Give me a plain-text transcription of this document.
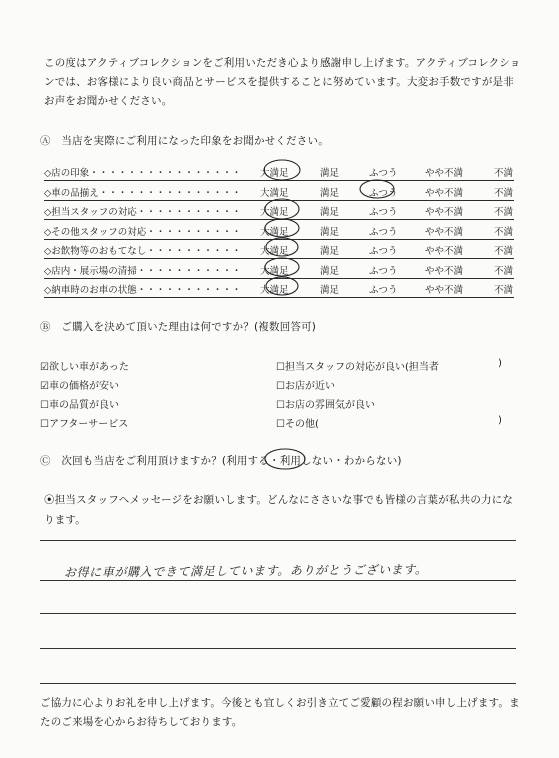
この度はアクティブコレクションをご利用いただき心より感謝申し上げます。アクティブコレクションでは、お客様により良い商品とサービスを提供することに努めています。大変お手数ですが是非お声をお聞かせください。
Ⓐ　当店を実際にご利用になった印象をお聞かせください。
◇店の印象・・・・・・・・・・・・・・・・ 大満足	満足	ふつう	やや不満	不満
◇車の品揃え・・・・・・・・・・・・・・・ 大満足	満足	ふつう	やや不満	不満
◇担当スタッフの対応・・・・・・・・・・・ 大満足	満足	ふつう	やや不満	不満
◇その他スタッフの対応・・・・・・・・・・ 大満足	満足	ふつう	やや不満	不満
◇お飲物等のおもてなし・・・・・・・・・・ 大満足	満足	ふつう	やや不満	不満
◇店内・展示場の清掃・・・・・・・・・・・ 大満足	満足	ふつう	やや不満	不満
◇納車時のお車の状態・・・・・・・・・・・ 大満足	満足	ふつう	やや不満	不満
Ⓑ　ご購入を決めて頂いた理由は何ですか？(複数回答可)
☑欲しい車があった
☑車の価格が安い
☐車の品質が良い
☐アフターサービス
☐担当スタッフの対応が良い(担当者	)
☐お店が近い
☐お店の雰囲気が良い
☐その他(	)
Ⓒ　次回も当店をご利用頂けますか？(利用する・利用しない・わからない)
⦿担当スタッフへメッセージをお願いします。どんなにささいな事でも皆様の言葉が私共の力になります。
お得に車が購入できて満足しています。ありがとうございます。
ご協力に心よりお礼を申し上げます。今後とも宜しくお引き立てご愛顧の程お願い申し上げます。またのご来場を心からお待ちしております。
